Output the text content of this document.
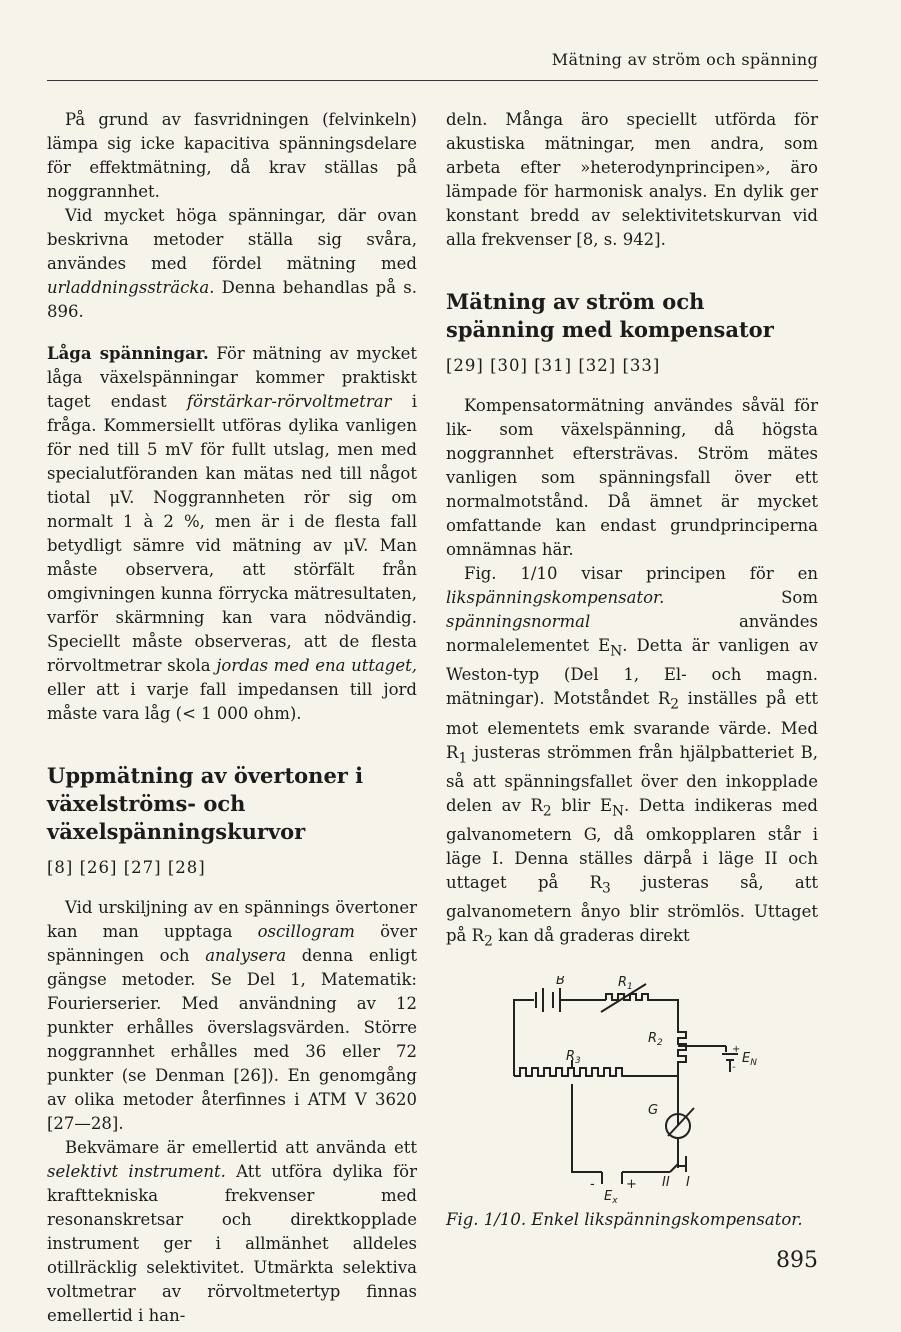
Mätning av ström och spänning

På grund av fasvridningen (felvinkeln) lämpa sig icke kapacitiva spänningsdelare för effektmätning, då krav ställas på noggrannhet.

Vid mycket höga spänningar, där ovan beskrivna metoder ställa sig svåra, användes med fördel mätning med urladdningssträcka. Denna behandlas på s. 896.

Låga spänningar. För mätning av mycket låga växelspänningar kommer praktiskt taget endast förstärkar-rörvoltmetrar i fråga. Kommersiellt utföras dylika vanligen för ned till 5 mV för fullt utslag, men med specialutföranden kan mätas ned till något tiotal μV. Noggrannheten rör sig om normalt 1 à 2 %, men är i de flesta fall betydligt sämre vid mätning av μV. Man måste observera, att störfält från omgivningen kunna förrycka mätresultaten, varför skärmning kan vara nödvändig. Speciellt måste observeras, att de flesta rörvoltmetrar skola jordas med ena uttaget, eller att i varje fall impedansen till jord måste vara låg (< 1 000 ohm).

Uppmätning av övertoner i växelströms- och växelspänningskurvor
[8] [26] [27] [28]

Vid urskiljning av en spännings övertoner kan man upptaga oscillogram över spänningen och analysera denna enligt gängse metoder. Se Del 1, Matematik: Fourierserier. Med användning av 12 punkter erhålles överslagsvärden. Större noggrannhet erhålles med 36 eller 72 punkter (se Denman [26]). En genomgång av olika metoder återfinnes i ATM V 3620 [27—28].

Bekvämare är emellertid att använda ett selektivt instrument. Att utföra dylika för krafttekniska frekvenser med resonanskretsar och direktkopplade instrument ger i allmänhet alldeles otillräcklig selektivitet. Utmärkta selektiva voltmetrar av rörvoltmetertyp finnas emellertid i han-

deln. Många äro speciellt utförda för akustiska mätningar, men andra, som arbeta efter »heterodynprincipen», äro lämpade för harmonisk analys. En dylik ger konstant bredd av selektivitetskurvan vid alla frekvenser [8, s. 942].

Mätning av ström och spänning med kompensator
[29] [30] [31] [32] [33]

Kompensatormätning användes såväl för lik- som växelspänning, då högsta noggrannhet eftersträvas. Ström mätes vanligen som spänningsfall över ett normalmotstånd. Då ämnet är mycket omfattande kan endast grundprinciperna omnämnas här.

Fig. 1/10 visar principen för en likspänningskompensator. Som spänningsnormal användes normalelementet $E_N$. Detta är vanligen av Weston-typ (Del 1, El- och magn. mätningar). Motståndet $R_2$ inställes på ett mot elementets emk svarande värde. Med $R_1$ justeras strömmen från hjälpbatteriet B, så att spänningsfallet över den inkopplade delen av $R_2$ blir $E_N$. Detta indikeras med galvanometern G, då omkopplaren står i läge I. Denna ställes därpå i läge II och uttaget på $R_3$ justeras så, att galvanometern ånyo blir strömlös. Uttaget på $R_2$ kan då graderas direkt

B	$R_1$
$R_2$
$R_3$	$E_N$
G
$E_x$
- +
+
-
II I
Fig. 1/10. Enkel likspänningskompensator.
895
